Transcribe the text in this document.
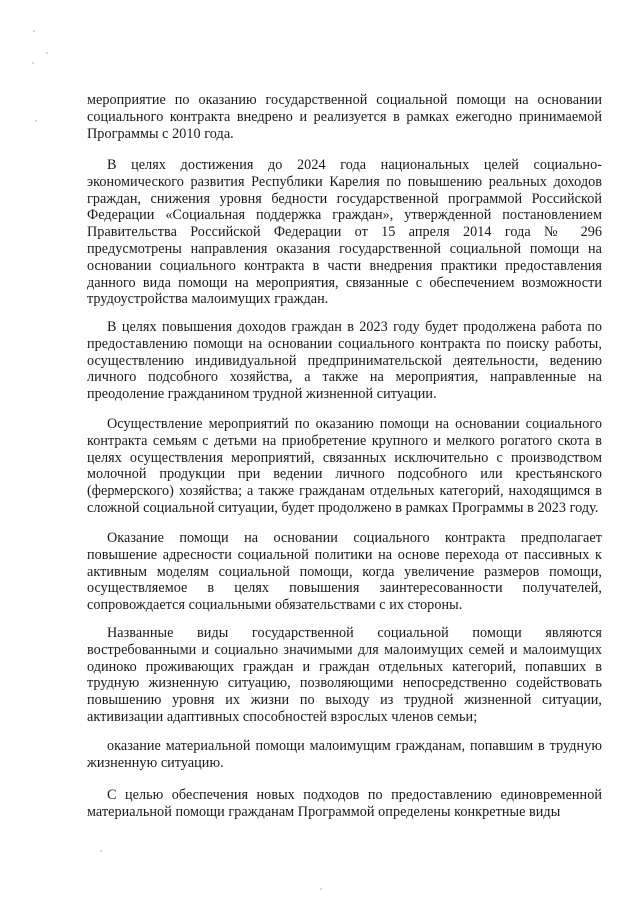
мероприятие по оказанию государственной социальной помощи на основании социального контракта внедрено и реализуется в рамках ежегодно принимаемой Программы с 2010 года.

В целях достижения до 2024 года национальных целей социально-экономического развития Республики Карелия по повышению реальных доходов граждан, снижения уровня бедности государственной программой Российской Федерации «Социальная поддержка граждан», утвержденной постановлением Правительства Российской Федерации от 15 апреля 2014 года № 296 предусмотрены направления оказания государственной социальной помощи на основании социального контракта в части внедрения практики предоставления данного вида помощи на мероприятия, связанные с обеспечением возможности трудоустройства малоимущих граждан.

В целях повышения доходов граждан в 2023 году будет продолжена работа по предоставлению помощи на основании социального контракта по поиску работы, осуществлению индивидуальной предпринимательской деятельности, ведению личного подсобного хозяйства, а также на мероприятия, направленные на преодоление гражданином трудной жизненной ситуации.

Осуществление мероприятий по оказанию помощи на основании социального контракта семьям с детьми на приобретение крупного и мелкого рогатого скота в целях осуществления мероприятий, связанных исключительно с производством молочной продукции при ведении личного подсобного или крестьянского (фермерского) хозяйства; а также гражданам отдельных категорий, находящимся в сложной социальной ситуации, будет продолжено в рамках Программы в 2023 году.

Оказание помощи на основании социального контракта предполагает повышение адресности социальной политики на основе перехода от пассивных к активным моделям социальной помощи, когда увеличение размеров помощи, осуществляемое в целях повышения заинтересованности получателей, сопровождается социальными обязательствами с их стороны.

Названные виды государственной социальной помощи являются востребованными и социально значимыми для малоимущих семей и малоимущих одиноко проживающих граждан и граждан отдельных категорий, попавших в трудную жизненную ситуацию, позволяющими непосредственно содействовать повышению уровня их жизни по выходу из трудной жизненной ситуации, активизации адаптивных способностей взрослых членов семьи;

оказание материальной помощи малоимущим гражданам, попавшим в трудную жизненную ситуацию.

С целью обеспечения новых подходов по предоставлению единовременной материальной помощи гражданам Программой определены конкретные виды
